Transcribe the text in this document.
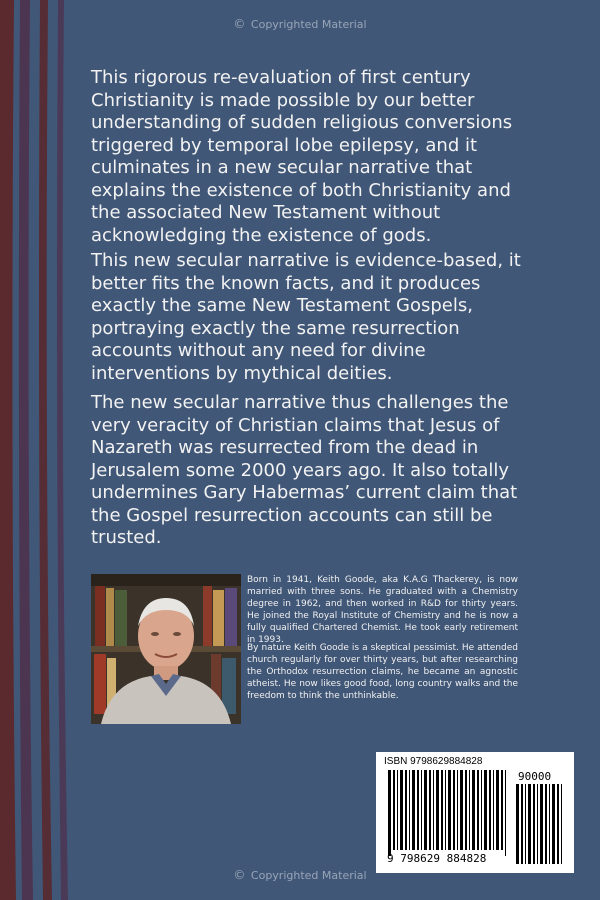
© Copyrighted Material

This rigorous re-evaluation of first century Christianity is made possible by our better understanding of sudden religious conversions triggered by temporal lobe epilepsy, and it culminates in a new secular narrative that explains the existence of both Christianity and the associated New Testament without acknowledging the existence of gods.

This new secular narrative is evidence-based, it better fits the known facts, and it produces exactly the same New Testament Gospels, portraying exactly the same resurrection accounts without any need for divine interventions by mythical deities.

The new secular narrative thus challenges the very veracity of Christian claims that Jesus of Nazareth was resurrected from the dead in Jerusalem some 2000 years ago. It also totally undermines Gary Habermas’ current claim that the Gospel resurrection accounts can still be trusted.

Born in 1941, Keith Goode, aka K.A.G Thackerey, is now married with three sons. He graduated with a Chemistry degree in 1962, and then worked in R&D for thirty years. He joined the Royal Institute of Chemistry and he is now a fully qualified Chartered Chemist. He took early retirement in 1993.

By nature Keith Goode is a skeptical pessimist. He attended church regularly for over thirty years, but after researching the Orthodox resurrection claims, he became an agnostic atheist. He now likes good food, long country walks and the freedom to think the unthinkable.

ISBN 9798629884828
90000
9 798629 884828
© Copyrighted Material
